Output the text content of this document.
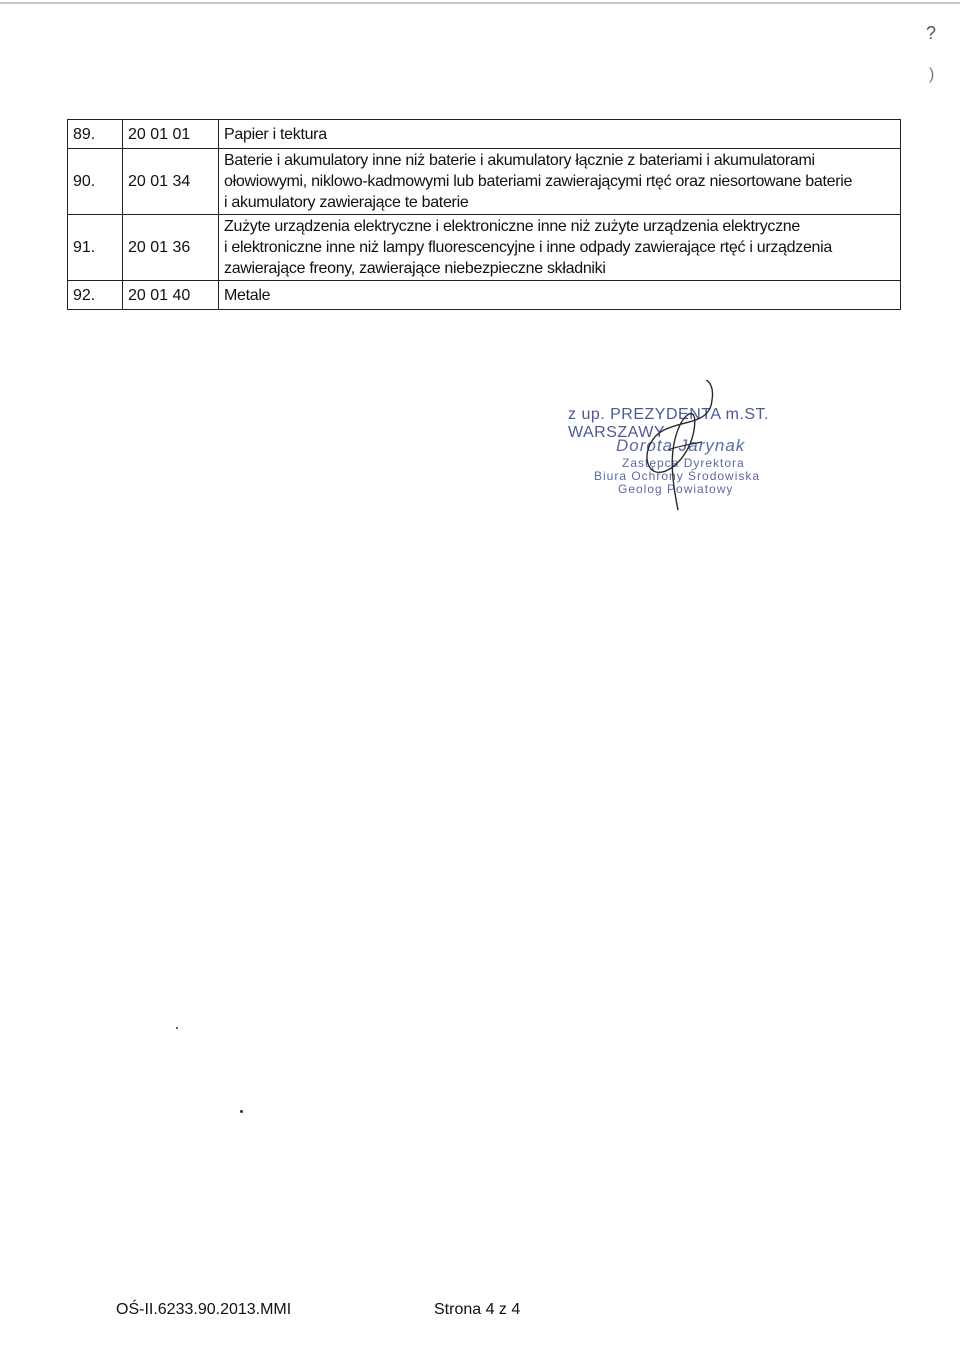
?
)
89.	20 01 01	Papier i tektura

90.	20 01 34	Baterie i akumulatory inne niż baterie i akumulatory łącznie z bateriami i akumulatorami
ołowiowymi, niklowo-kadmowymi lub bateriami zawierającymi rtęć oraz niesortowane baterie
i akumulatory zawierające te baterie

91.	20 01 36	Zużyte urządzenia elektryczne i elektroniczne inne niż zużyte urządzenia elektryczne
i elektroniczne inne niż lampy fluorescencyjne i inne odpady zawierające rtęć i urządzenia
zawierające freony, zawierające niebezpieczne składniki

92.	20 01 40	Metale
z up. PREZYDENTA m.ST. WARSZAWY
Dorota Jarynak
Zastępca Dyrektora
Biura Ochrony Środowiska
Geolog Powiatowy
OŚ-II.6233.90.2013.MMI	Strona 4 z 4
